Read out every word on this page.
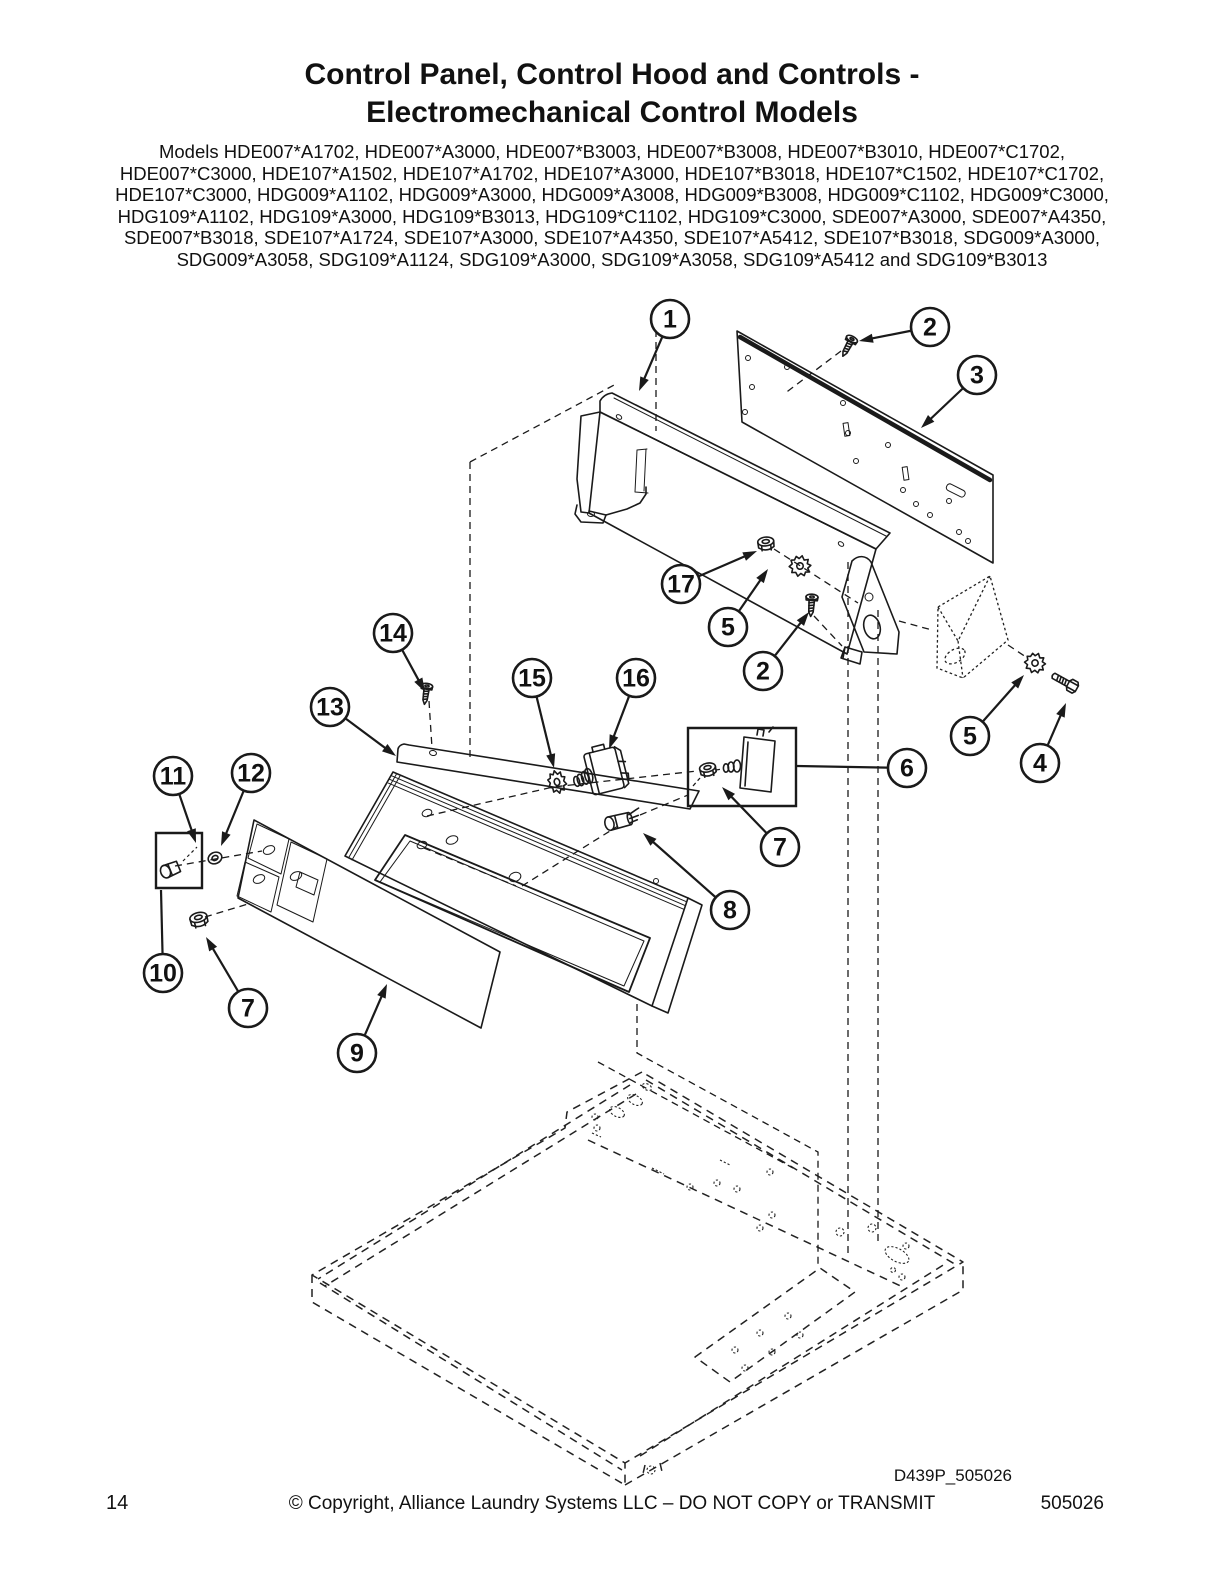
Control Panel, Control Hood and Controls -
Electromechanical Control Models
Models HDE007*A1702, HDE007*A3000, HDE007*B3003, HDE007*B3008, HDE007*B3010, HDE007*C1702,
HDE007*C3000, HDE107*A1502, HDE107*A1702, HDE107*A3000, HDE107*B3018, HDE107*C1502, HDE107*C1702,
HDE107*C3000, HDG009*A1102, HDG009*A3000, HDG009*A3008, HDG009*B3008, HDG009*C1102, HDG009*C3000,
HDG109*A1102, HDG109*A3000, HDG109*B3013, HDG109*C1102, HDG109*C3000, SDE007*A3000, SDE007*A4350,
SDE007*B3018, SDE107*A1724, SDE107*A3000, SDE107*A4350, SDE107*A5412, SDE107*B3018, SDG009*A3000,
SDG009*A3058, SDG109*A1124, SDG109*A3000, SDG109*A3058, SDG109*A5412 and SDG109*B3013
1	2
3
17
5
2
14
15	16
13
6
5
4
7
8
11 12
10
7
9
D439P_505026
14	© Copyright, Alliance Laundry Systems LLC – DO NOT COPY or TRANSMIT	505026
